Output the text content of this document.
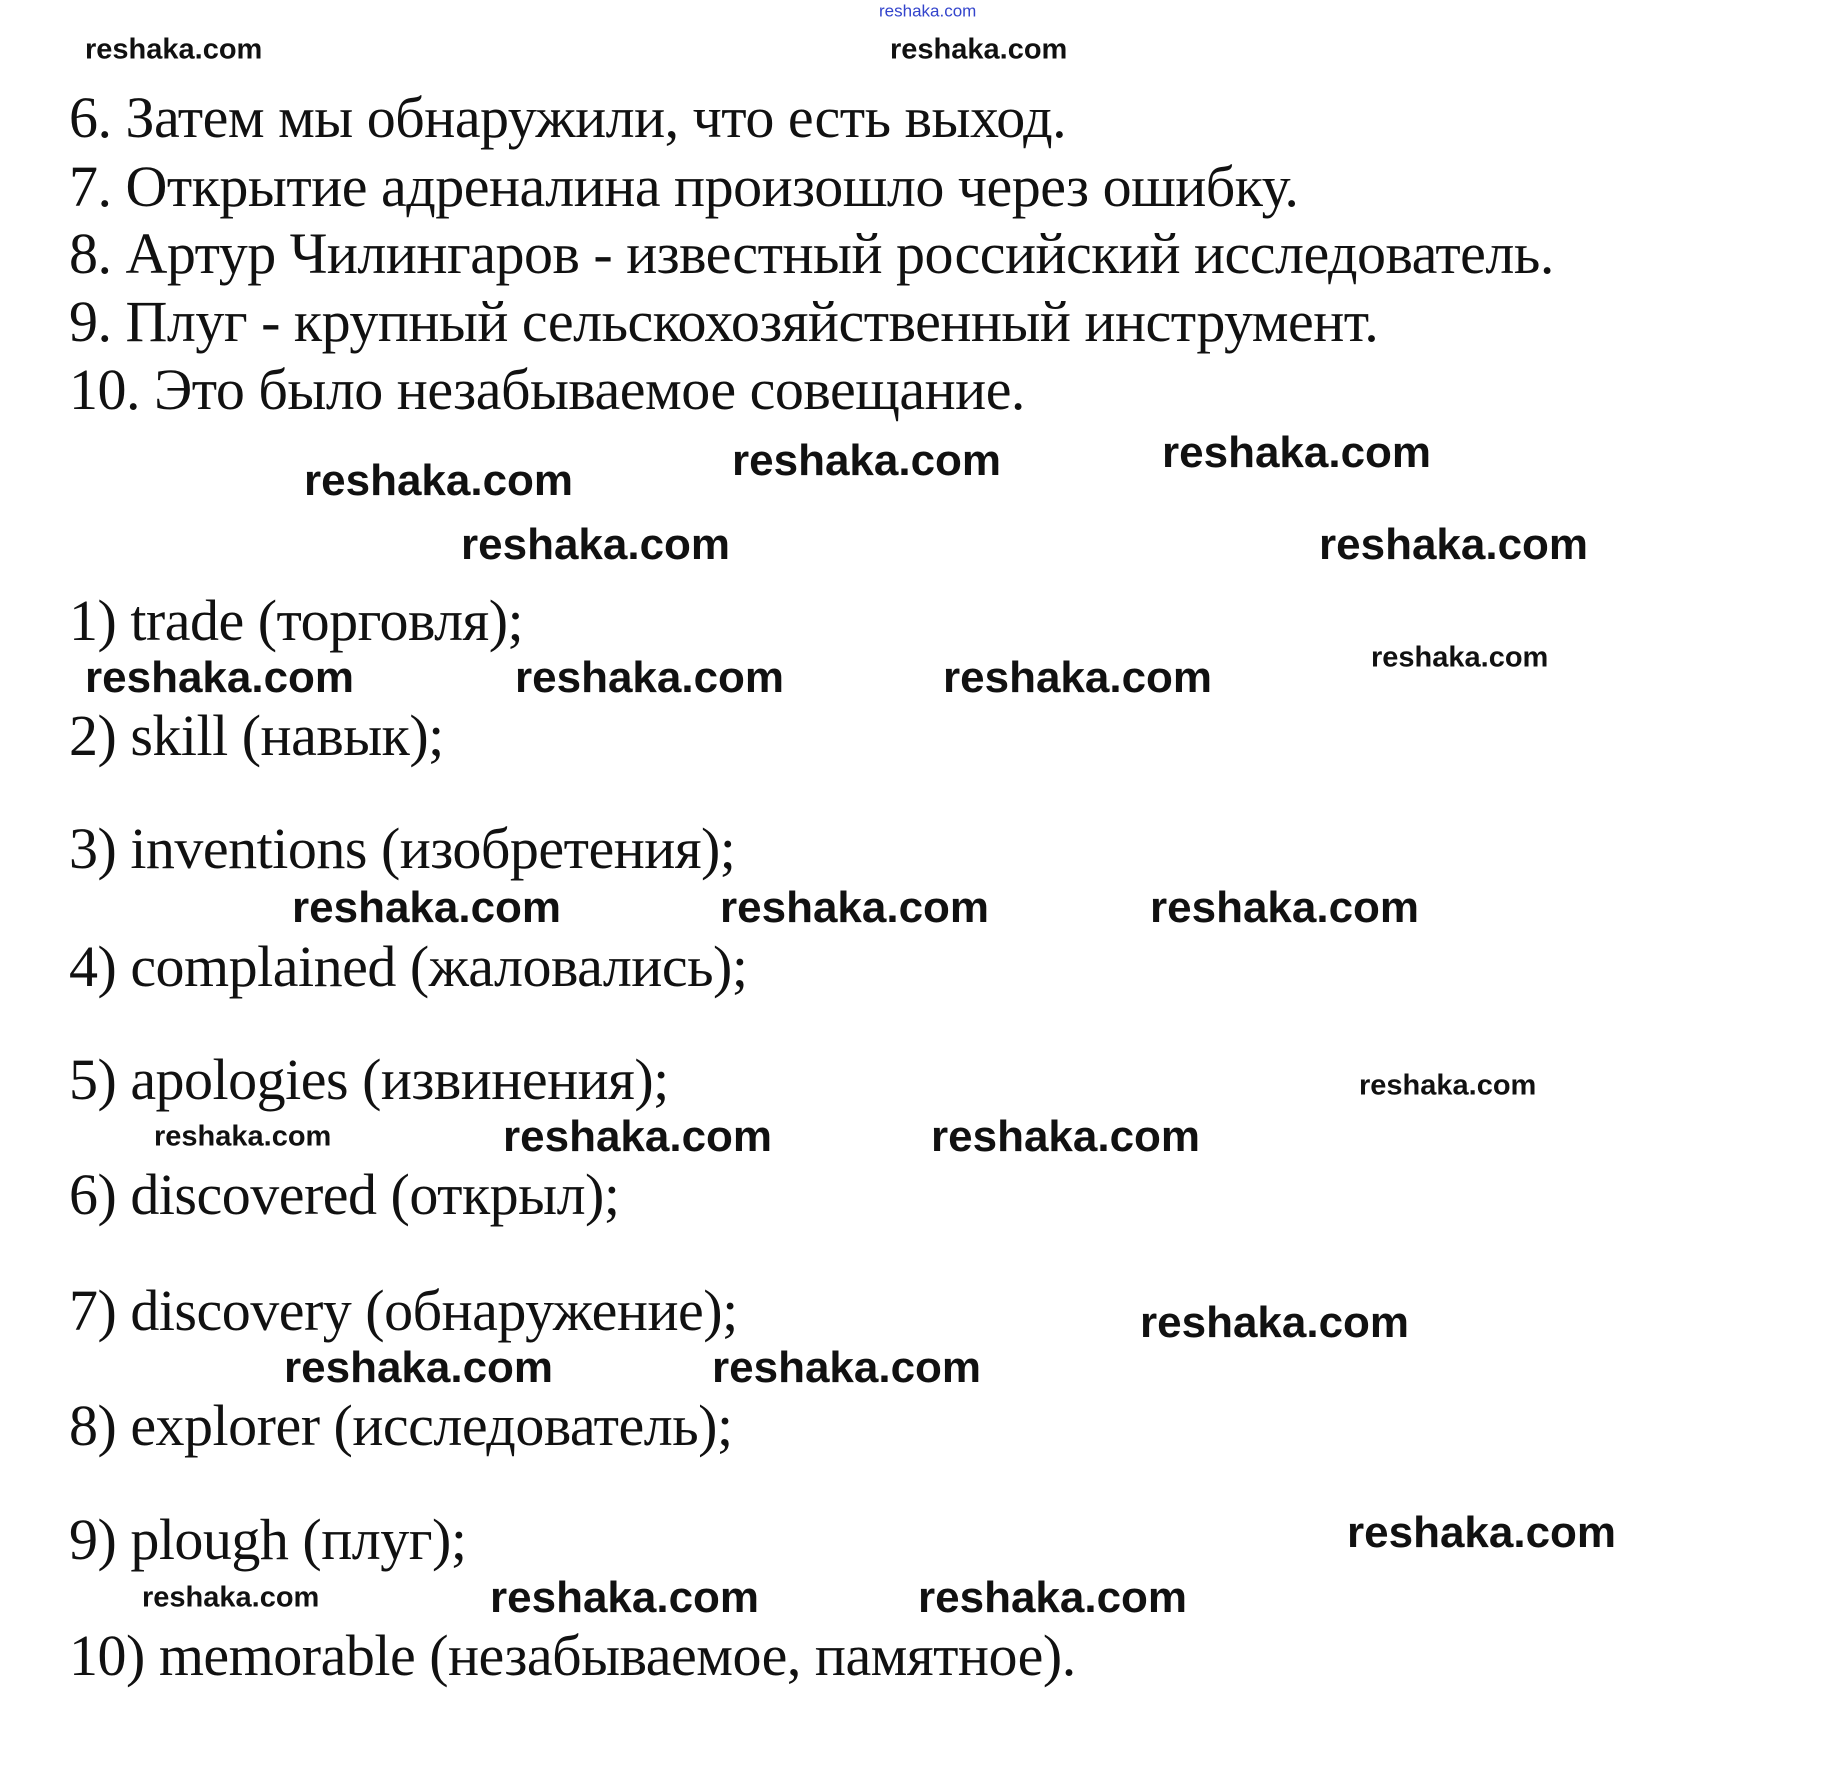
6. Затем мы обнаружили, что есть выход.
7. Открытие адреналина произошло через ошибку.
8. Артур Чилингаров - известный российский исследователь.
9. Плуг - крупный сельскохозяйственный инструмент.
10. Это было незабываемое совещание.
1) trade (торговля);
2) skill (навык);
3) inventions (изобретения);
4) complained (жаловались);
5) apologies (извинения);
6) discovered (открыл);
7) discovery (обнаружение);
8) explorer (исследователь);
9) plough (плуг);
10) memorable (незабываемое, памятное).
reshaka.com
reshaka.com	reshaka.com
reshaka.com	reshaka.com
reshaka.com	reshaka.com	reshaka.com
reshaka.com	reshaka.com	reshaka.com	reshaka.com
reshaka.com	reshaka.com	reshaka.com
reshaka.com	reshaka.com
reshaka.com
reshaka.com
reshaka.com	reshaka.com
reshaka.com
reshaka.com
reshaka.com	reshaka.com
reshaka.com
